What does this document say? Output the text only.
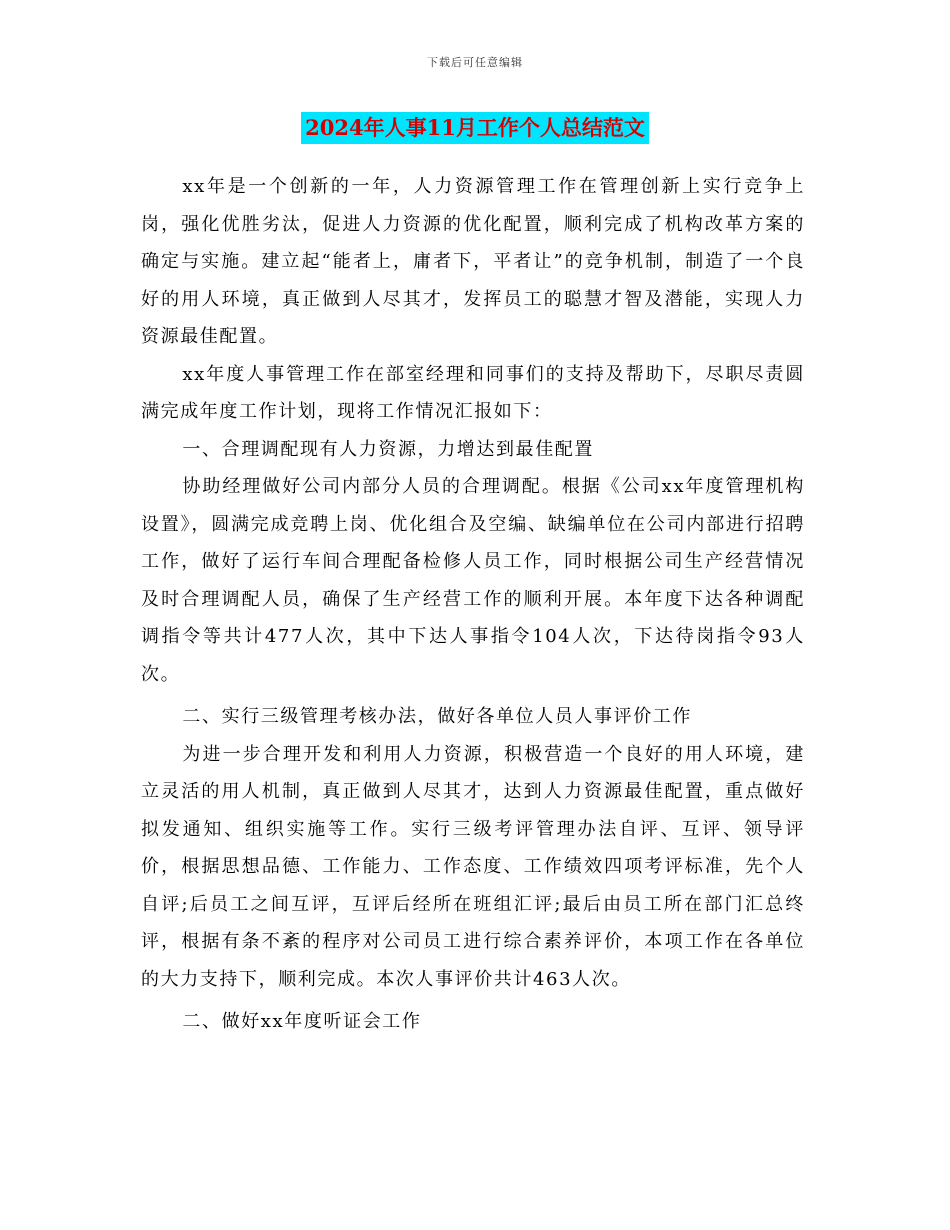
下载后可任意编辑
2024年人事11月工作个人总结范文

xx年是一个创新的一年，人力资源管理工作在管理创新上实行竞争上岗，强化优胜劣汰，促进人力资源的优化配置，顺利完成了机构改革方案的确定与实施。建立起“能者上，庸者下，平者让”的竞争机制，制造了一个良好的用人环境，真正做到人尽其才，发挥员工的聪慧才智及潜能，实现人力资源最佳配置。

xx年度人事管理工作在部室经理和同事们的支持及帮助下，尽职尽责圆满完成年度工作计划，现将工作情况汇报如下：

一、合理调配现有人力资源，力增达到最佳配置

协助经理做好公司内部分人员的合理调配。根据《公司xx年度管理机构设置》，圆满完成竞聘上岗、优化组合及空编、缺编单位在公司内部进行招聘工作，做好了运行车间合理配备检修人员工作，同时根据公司生产经营情况及时合理调配人员，确保了生产经营工作的顺利开展。本年度下达各种调配调指令等共计477人次，其中下达人事指令104人次，下达待岗指令93人次。

二、实行三级管理考核办法，做好各单位人员人事评价工作

为进一步合理开发和利用人力资源，积极营造一个良好的用人环境，建立灵活的用人机制，真正做到人尽其才，达到人力资源最佳配置，重点做好拟发通知、组织实施等工作。实行三级考评管理办法自评、互评、领导评价，根据思想品德、工作能力、工作态度、工作绩效四项考评标准，先个人自评;后员工之间互评，互评后经所在班组汇评;最后由员工所在部门汇总终评，根据有条不紊的程序对公司员工进行综合素养评价，本项工作在各单位的大力支持下，顺利完成。本次人事评价共计463人次。

二、做好xx年度听证会工作
